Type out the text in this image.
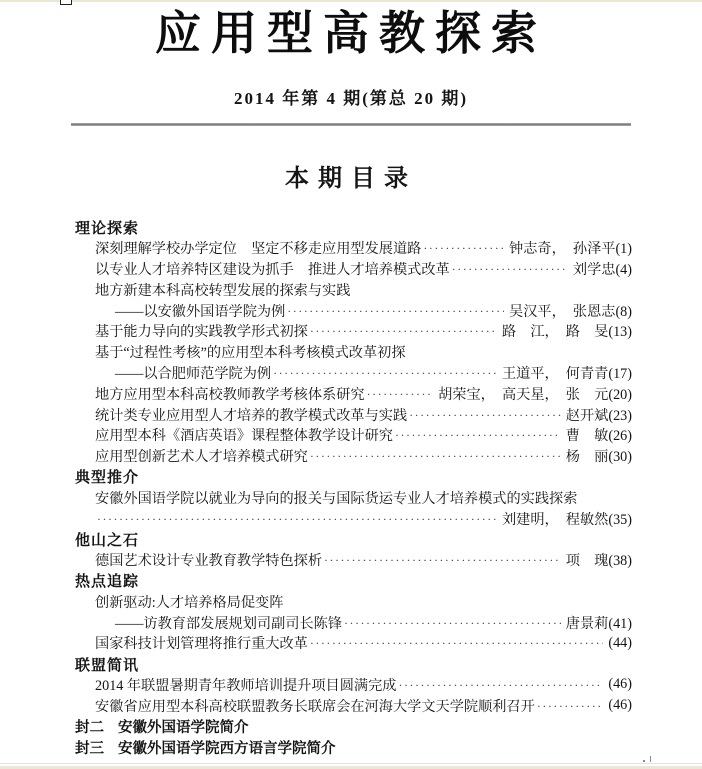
应用型高教探索
2014 年第 4 期(第总 20 期)
本期目录
理论探索
深刻理解学校办学定位　坚定不移走应用型发展道路 ·····	钟志奇，　孙泽平(1)
以专业人才培养特区建设为抓手　推进人才培养模式改革 ·····	刘学忠(4)
地方新建本科高校转型发展的探索与实践
——以安徽外国语学院为例 ·····	吴汉平，　张恩志(8)
基于能力导向的实践教学形式初探 ·····	路　江，　路　旻(13)
基于“过程性考核”的应用型本科考核模式改革初探
——以合肥师范学院为例 ·····	王道平，　何青青(17)
地方应用型本科高校教师教学考核体系研究 ·····	胡荣宝，　高天星，　张　元(20)
统计类专业应用型人才培养的教学模式改革与实践 ·····	赵开斌(23)
应用型本科《酒店英语》课程整体教学设计研究 ·····	曹　敏(26)
应用型创新艺术人才培养模式研究 ·····	杨　丽(30)
典型推介
安徽外国语学院以就业为导向的报关与国际货运专业人才培养模式的实践探索
·····
刘建明，　程敏然(35)
他山之石
德国艺术设计专业教育教学特色探析 ·····	项　瑰(38)
热点追踪
创新驱动:人才培养格局促变阵
——访教育部发展规划司副司长陈锋 ·····	唐景莉(41)
国家科技计划管理将推行重大改革 ·····	(44)
联盟简讯
2014 年联盟暑期青年教师培训提升项目圆满完成 ·····	(46)
安徽省应用型本科高校联盟教务长联席会在河海大学文天学院顺利召开 ·····	(46)
封二 安徽外国语学院简介
封三 安徽外国语学院西方语言学院简介
